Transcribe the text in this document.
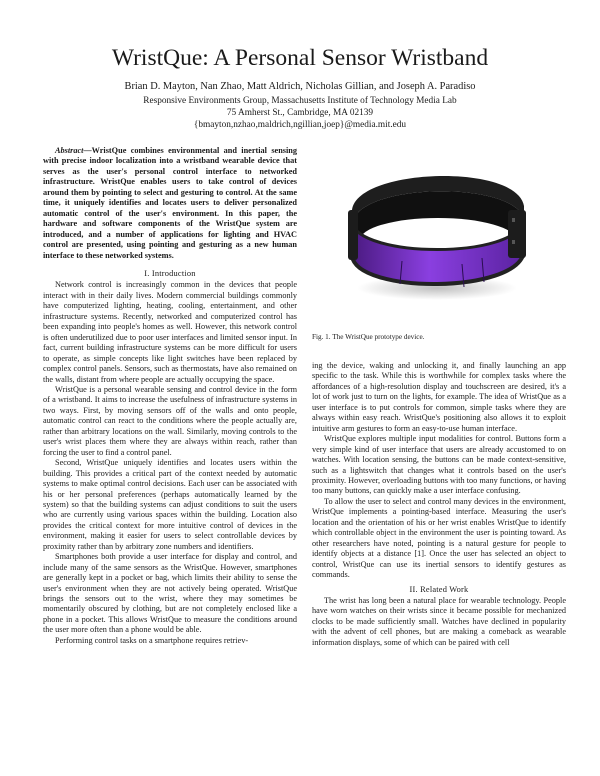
WristQue: A Personal Sensor Wristband
Brian D. Mayton, Nan Zhao, Matt Aldrich, Nicholas Gillian, and Joseph A. Paradiso
Responsive Environments Group, Massachusetts Institute of Technology Media Lab
75 Amherst St., Cambridge, MA 02139
{bmayton,nzhao,maldrich,ngillian,joep}@media.mit.edu

Abstract—WristQue combines environmental and inertial sensing with precise indoor localization into a wristband wearable device that serves as the user's personal control interface to networked infrastructure. WristQue enables users to take control of devices around them by pointing to select and gesturing to control. At the same time, it uniquely identifies and locates users to deliver personalized automatic control of the user's environment. In this paper, the hardware and software components of the WristQue system are introduced, and a number of applications for lighting and HVAC control are presented, using pointing and gesturing as a new human interface to these networked systems.

I. Introduction

Network control is increasingly common in the devices that people interact with in their daily lives. Modern commercial buildings commonly have computerized lighting, heating, cooling, entertainment, and other infrastructure systems. Recently, networked and computerized control has been expanding into people's homes as well. However, this network control is often underutilized due to poor user interfaces and limited sensor input. In fact, current building infrastructure systems can be more difficult for users to operate, as simple concepts like light switches have been replaced by complex control panels. Sensors, such as thermostats, have also remained on the walls, distant from where people are actually occupying the space.

WristQue is a personal wearable sensing and control device in the form of a wristband. It aims to increase the usefulness of infrastructure systems in two ways. First, by moving sensors off of the walls and onto people, automatic control can react to the conditions where the people actually are, rather than arbitrary locations on the wall. Similarly, moving controls to the user's wrist places them where they are always within reach, rather than forcing the user to find a control panel.

Second, WristQue uniquely identifies and locates users within the building. This provides a critical part of the context needed by automatic systems to make optimal control decisions. Each user can be associated with his or her personal preferences (perhaps automatically learned by the system) so that the building systems can adjust conditions to suit the users who are currently using various spaces within the building. Location also provides the critical context for more intuitive control of devices in the environment, making it easier for users to select controllable devices by proximity rather than by arbitrary zone numbers and identifiers.

Smartphones both provide a user interface for display and control, and include many of the same sensors as the WristQue. However, smartphones are generally kept in a pocket or bag, which limits their ability to sense the user's environment when they are not actively being operated. WristQue brings the sensors out to the wrist, where they may sometimes be momentarily obscured by clothing, but are not completely enclosed like a phone in a pocket. This allows WristQue to measure the conditions around the user more often than a phone would be able.

Performing control tasks on a smartphone requires retriev-

Fig. 1. The WristQue prototype device.

ing the device, waking and unlocking it, and finally launching an app specific to the task. While this is worthwhile for complex tasks where the affordances of a high-resolution display and touchscreen are desired, it's a lot of work just to turn on the lights, for example. The idea of WristQue as a user interface is to put controls for common, simple tasks where they are always within easy reach. WristQue's positioning also allows it to exploit intuitive arm gestures to form an easy-to-use human interface.

WristQue explores multiple input modalities for control. Buttons form a very simple kind of user interface that users are already accustomed to on watches. With location sensing, the buttons can be made context-sensitive, such as a lightswitch that changes what it controls based on the user's proximity. However, overloading buttons with too many functions, or having too many buttons, can quickly make a user interface confusing.

To allow the user to select and control many devices in the environment, WristQue implements a pointing-based interface. Measuring the user's location and the orientation of his or her wrist enables WristQue to identify which controllable object in the environment the user is pointing toward. As other researchers have noted, pointing is a natural gesture for people to identify objects at a distance [1]. Once the user has selected an object to control, WristQue can use its inertial sensors to identify gestures as commands.

II. Related Work

The wrist has long been a natural place for wearable technology. People have worn watches on their wrists since it became possible for mechanized clocks to be made sufficiently small. Watches have declined in popularity with the advent of cell phones, but are making a comeback as wearable information displays, some of which can be paired with cell
